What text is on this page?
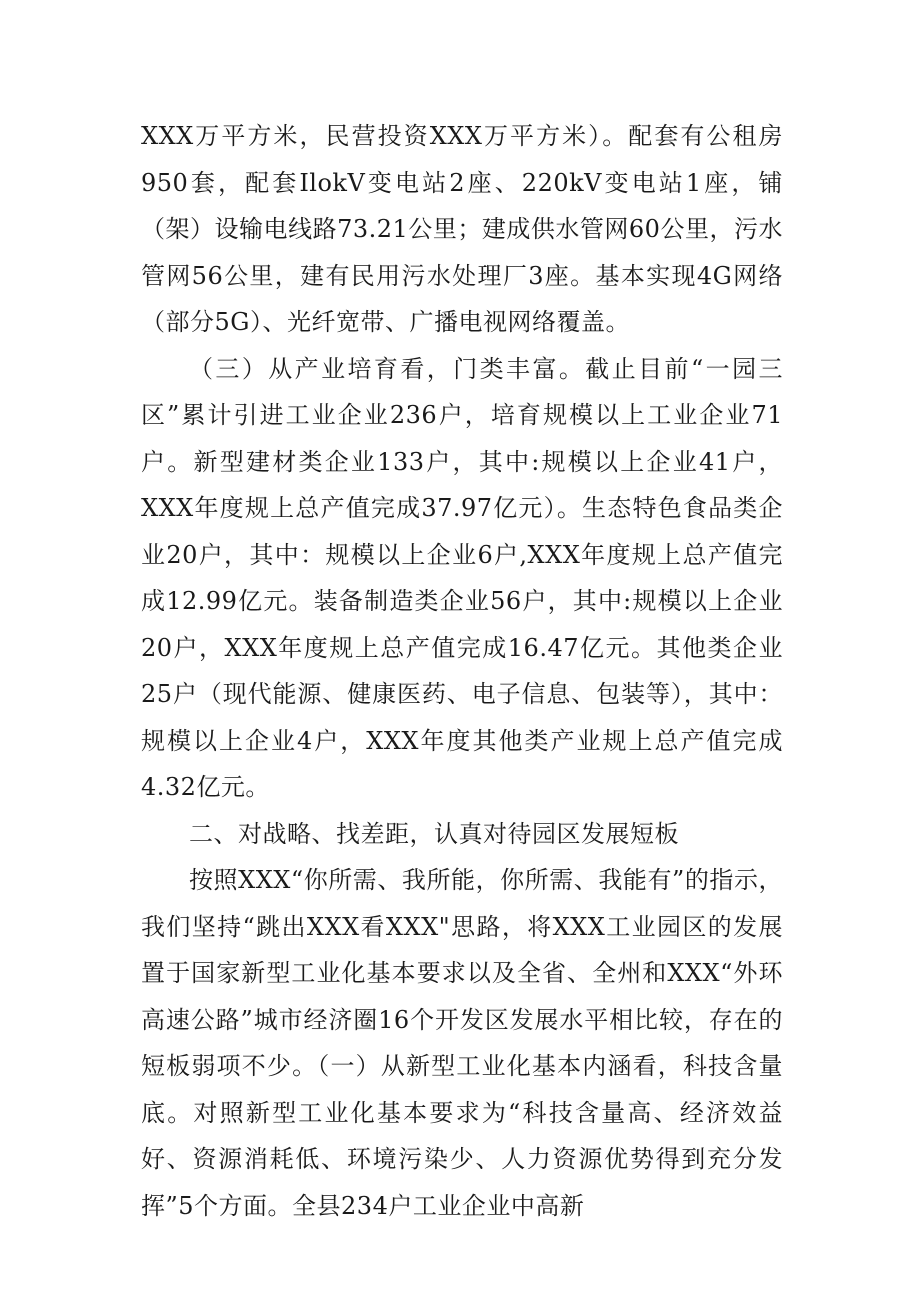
XXX万平方米，民营投资XXX万平方米）。配套有公租房950套，配套IlokV变电站2座、220kV变电站1座，铺（架）设输电线路73.21公里；建成供水管网60公里，污水管网56公里，建有民用污水处理厂3座。基本实现4G网络（部分5G）、光纤宽带、广播电视网络覆盖。

（三）从产业培育看，门类丰富。截止目前“一园三区”累计引进工业企业236户，培育规模以上工业企业71户。新型建材类企业133户，其中:规模以上企业41户，XXX年度规上总产值完成37.97亿元）。生态特色食品类企业20户，其中：规模以上企业6户,XXX年度规上总产值完成12.99亿元。装备制造类企业56户，其中:规模以上企业20户，XXX年度规上总产值完成16.47亿元。其他类企业25户（现代能源、健康医药、电子信息、包装等），其中：规模以上企业4户，XXX年度其他类产业规上总产值完成4.32亿元。

二、对战略、找差距，认真对待园区发展短板

按照XXX“你所需、我所能，你所需、我能有”的指示，我们坚持“跳出XXX看XXX"思路，将XXX工业园区的发展置于国家新型工业化基本要求以及全省、全州和XXX“外环高速公路”城市经济圈16个开发区发展水平相比较，存在的短板弱项不少。（一）从新型工业化基本内涵看，科技含量底。对照新型工业化基本要求为“科技含量高、经济效益好、资源消耗低、环境污染少、人力资源优势得到充分发挥”5个方面。全县234户工业企业中高新
